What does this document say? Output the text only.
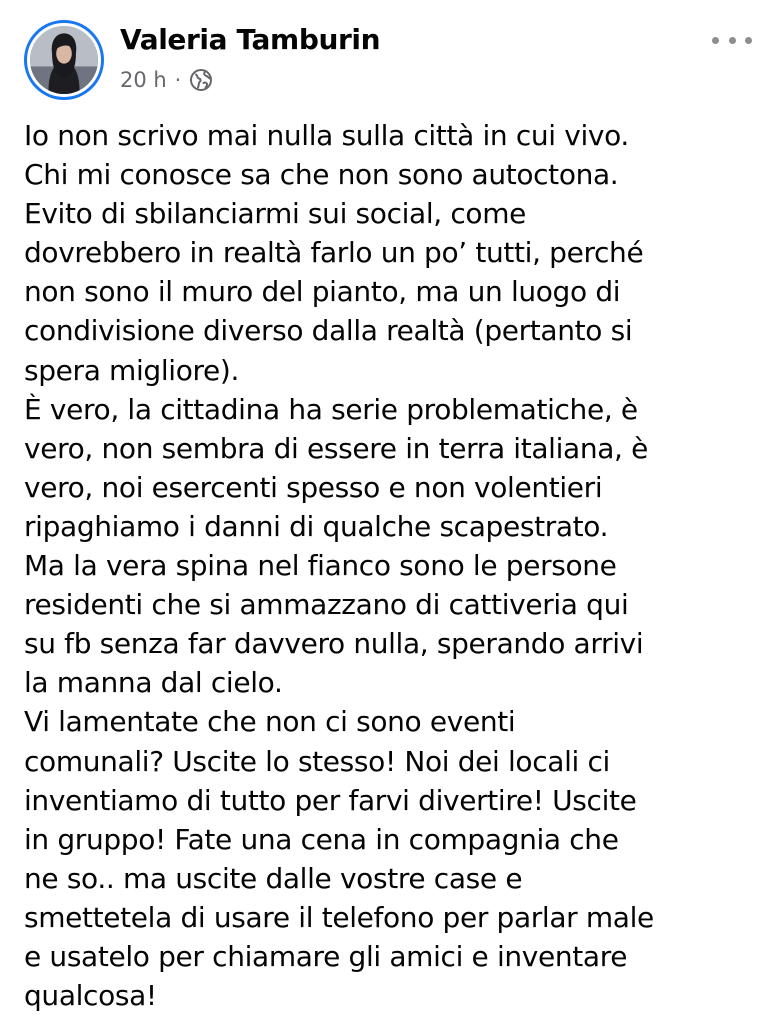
Valeria Tamburin
20 h ·
Io non scrivo mai nulla sulla città in cui vivo.
Chi mi conosce sa che non sono autoctona.
Evito di sbilanciarmi sui social, come
dovrebbero in realtà farlo un po’ tutti, perché
non sono il muro del pianto, ma un luogo di
condivisione diverso dalla realtà (pertanto si
spera migliore).
È vero, la cittadina ha serie problematiche, è
vero, non sembra di essere in terra italiana, è
vero, noi esercenti spesso e non volentieri
ripaghiamo i danni di qualche scapestrato.
Ma la vera spina nel fianco sono le persone
residenti che si ammazzano di cattiveria qui
su fb senza far davvero nulla, sperando arrivi
la manna dal cielo.
Vi lamentate che non ci sono eventi
comunali? Uscite lo stesso! Noi dei locali ci
inventiamo di tutto per farvi divertire! Uscite
in gruppo! Fate una cena in compagnia che
ne so.. ma uscite dalle vostre case e
smettetela di usare il telefono per parlar male
e usatelo per chiamare gli amici e inventare
qualcosa!
